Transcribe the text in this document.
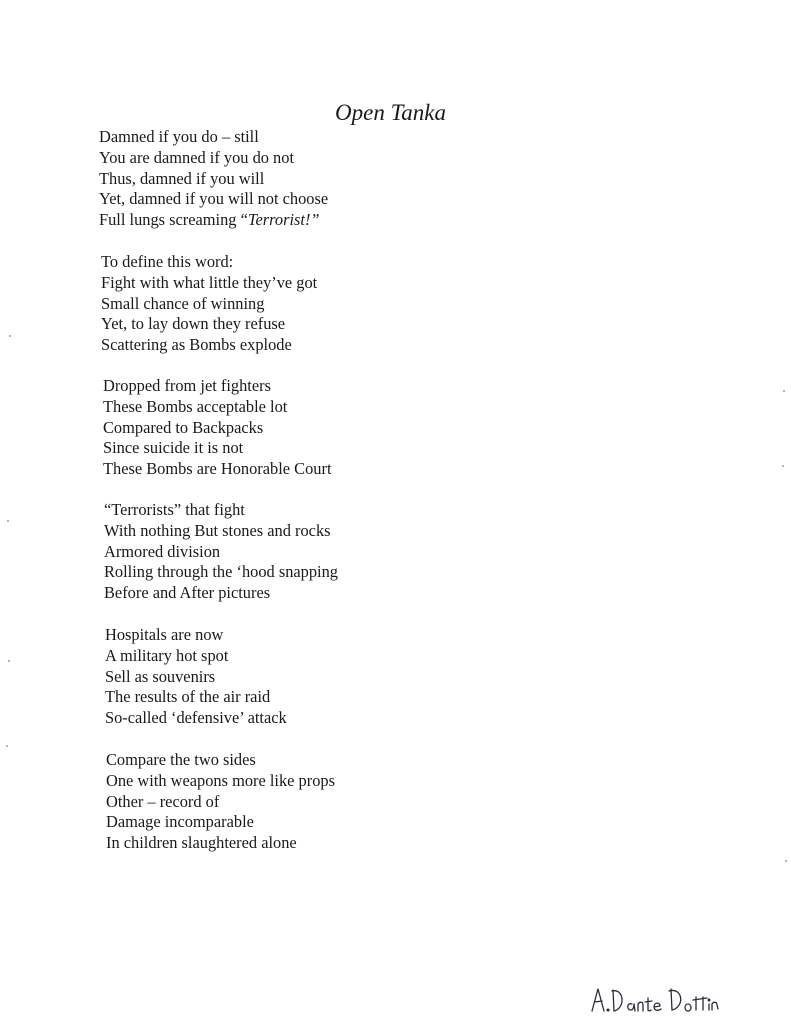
Open Tanka
Damned if you do – still
You are damned if you do not
Thus, damned if you will
Yet, damned if you will not choose
Full lungs screaming “Terrorist!”
To define this word:
Fight with what little they’ve got
Small chance of winning
Yet, to lay down they refuse
Scattering as Bombs explode
Dropped from jet fighters
These Bombs acceptable lot
Compared to Backpacks
Since suicide it is not
These Bombs are Honorable Court
“Terrorists” that fight
With nothing But stones and rocks
Armored division
Rolling through the ‘hood snapping
Before and After pictures
Hospitals are now
A military hot spot
Sell as souvenirs
The results of the air raid
So-called ‘defensive’ attack
Compare the two sides
One with weapons more like props
Other – record of
Damage incomparable
In children slaughtered alone
